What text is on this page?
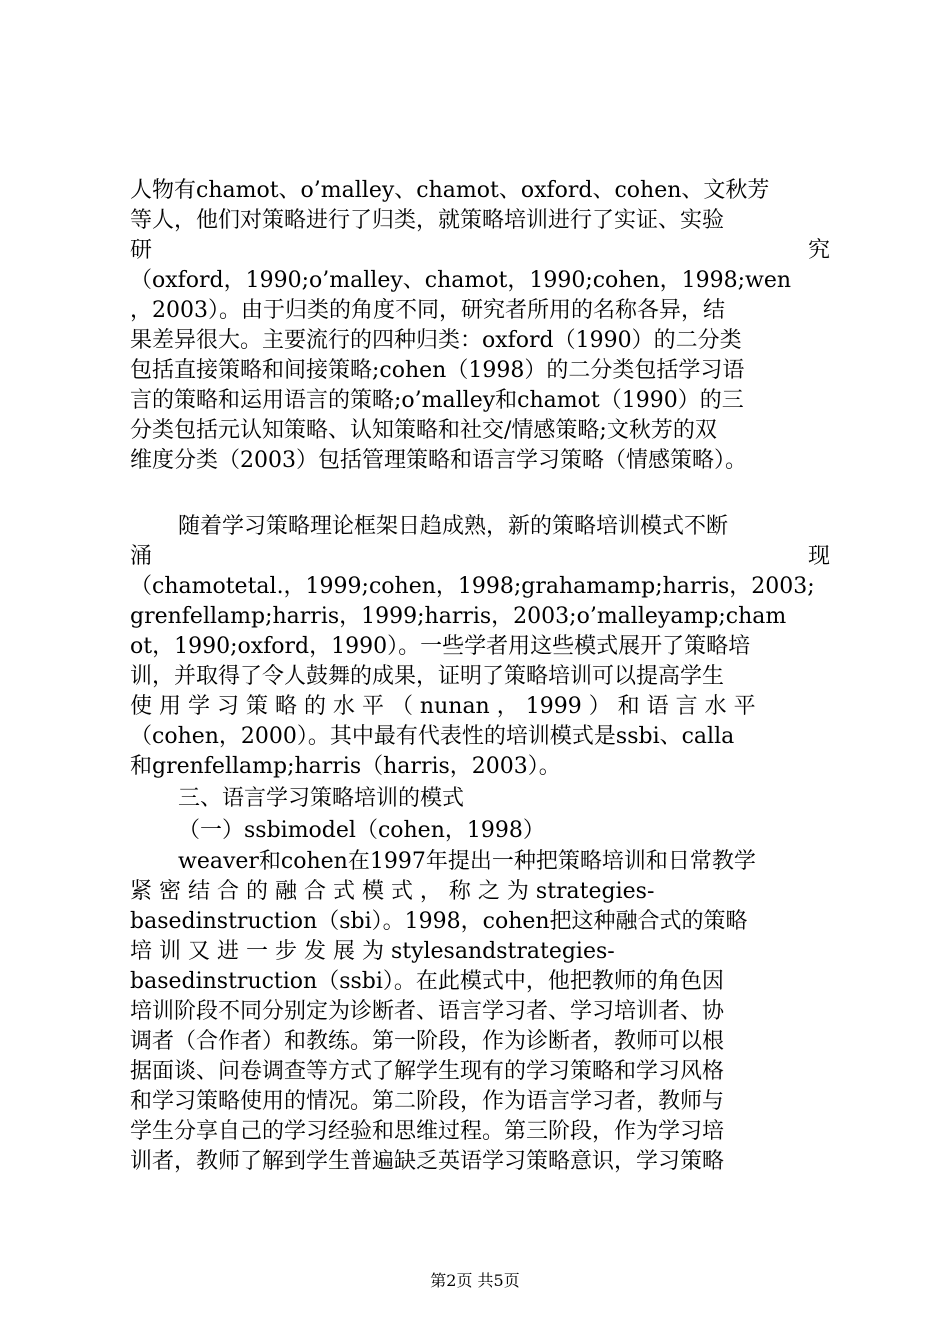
人物有chamot、o’malley、chamot、oxford、cohen、文秋芳
等人，他们对策略进行了归类，就策略培训进行了实证、实验
研	究
（oxford，1990;o’malley、chamot，1990;cohen，1998;wen
，2003）。由于归类的角度不同，研究者所用的名称各异，结
果差异很大。主要流行的四种归类：oxford（1990）的二分类
包括直接策略和间接策略;cohen（1998）的二分类包括学习语
言的策略和运用语言的策略;o’malley和chamot（1990）的三
分类包括元认知策略、认知策略和社交/情感策略;文秋芳的双
维度分类（2003）包括管理策略和语言学习策略（情感策略）。
随着学习策略理论框架日趋成熟，新的策略培训模式不断
涌	现
（chamotetal.，1999;cohen，1998;grahamamp;harris，2003;
grenfellamp;harris，1999;harris，2003;o’malleyamp;cham
ot，1990;oxford，1990）。一些学者用这些模式展开了策略培
训，并取得了令人鼓舞的成果，证明了策略培训可以提高学生
使 用 学 习 策 略 的 水 平 （ nunan ， 1999 ） 和 语 言 水 平
（cohen，2000）。其中最有代表性的培训模式是ssbi、calla
和grenfellamp;harris（harris，2003）。
三、语言学习策略培训的模式
（一）ssbimodel（cohen，1998）
weaver和cohen在1997年提出一种把策略培训和日常教学
紧 密 结 合 的 融 合 式 模 式 ， 称 之 为 strategies-
basedinstruction（sbi）。1998，cohen把这种融合式的策略
培 训 又 进 一 步 发 展 为 stylesandstrategies-
basedinstruction（ssbi）。在此模式中，他把教师的角色因
培训阶段不同分别定为诊断者、语言学习者、学习培训者、协
调者（合作者）和教练。第一阶段，作为诊断者，教师可以根
据面谈、问卷调查等方式了解学生现有的学习策略和学习风格
和学习策略使用的情况。第二阶段，作为语言学习者，教师与
学生分享自己的学习经验和思维过程。第三阶段，作为学习培
训者，教师了解到学生普遍缺乏英语学习策略意识，学习策略
第2页 共5页
